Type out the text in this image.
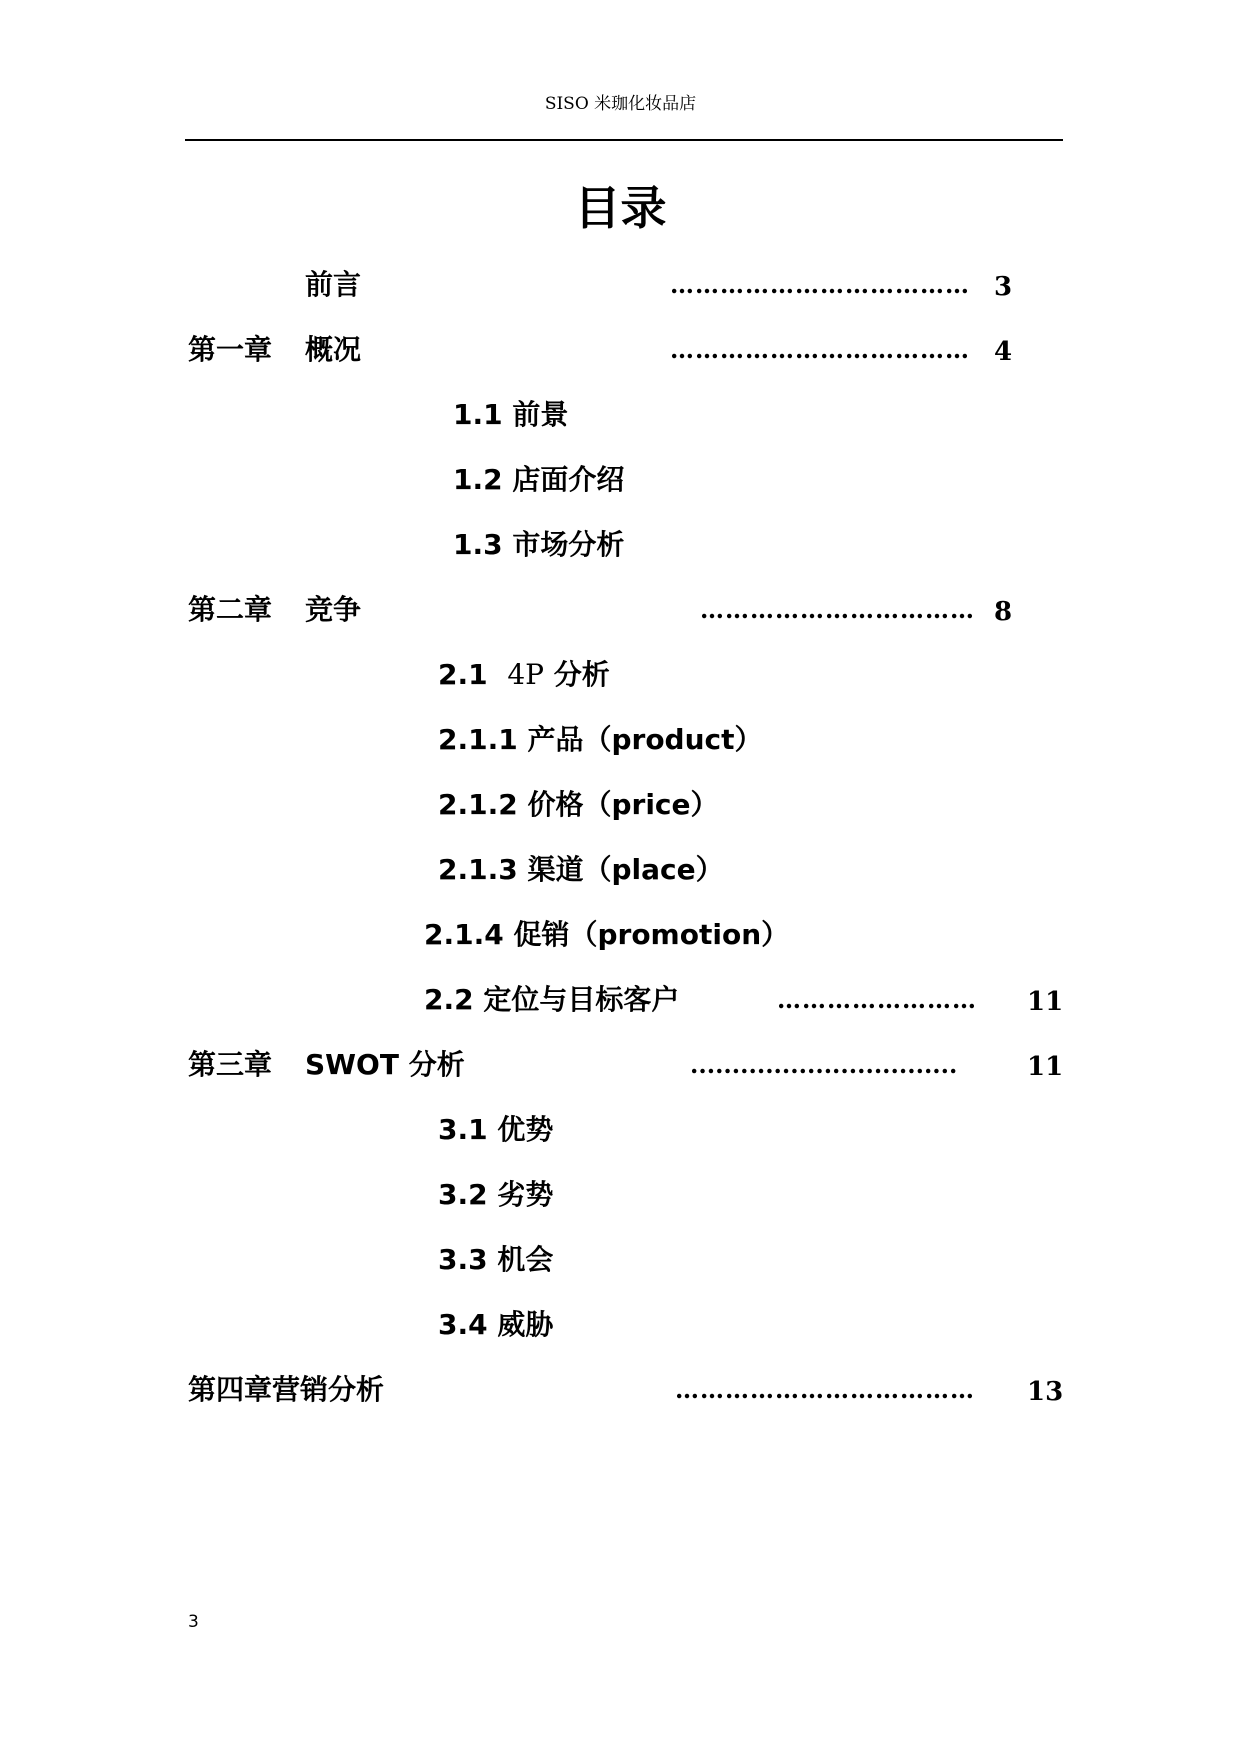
SISO 米珈化妆品店
目录
前言	……………………………… 3
第一章 概况	……………………………… 4
1.1 前景
1.2 店面介绍
1.3 市场分析
第二章 竞争	…………………………… 8
2.1 4P 分析
2.1.1 产品（product）
2.1.2 价格（price）
2.1.3 渠道（place）
2.1.4 促销（promotion）
2.2 定位与目标客户	…………………… 11
第三章 SWOT 分析	................................	11
3.1 优势
3.2 劣势
3.3 机会
3.4 威胁
第四章营销分析	……………………………… 13
3
